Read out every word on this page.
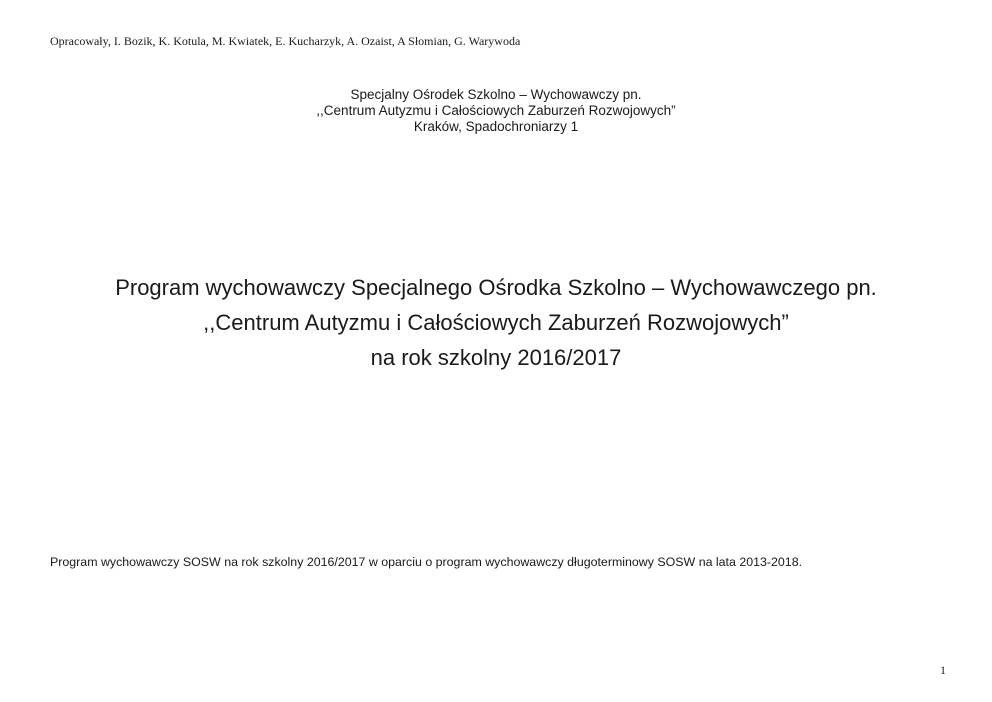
Opracowały, I. Bozik, K. Kotula, M. Kwiatek, E. Kucharzyk, A. Ozaist, A Słomian, G. Warywoda
Specjalny Ośrodek Szkolno – Wychowawczy pn.
,,Centrum Autyzmu i Całościowych Zaburzeń Rozwojowych”
Kraków, Spadochroniarzy 1
Program wychowawczy Specjalnego Ośrodka Szkolno – Wychowawczego pn.
,,Centrum Autyzmu i Całościowych Zaburzeń Rozwojowych”
na rok szkolny 2016/2017
Program wychowawczy SOSW na rok szkolny 2016/2017 w oparciu o program wychowawczy długoterminowy SOSW na lata 2013-2018.
1
